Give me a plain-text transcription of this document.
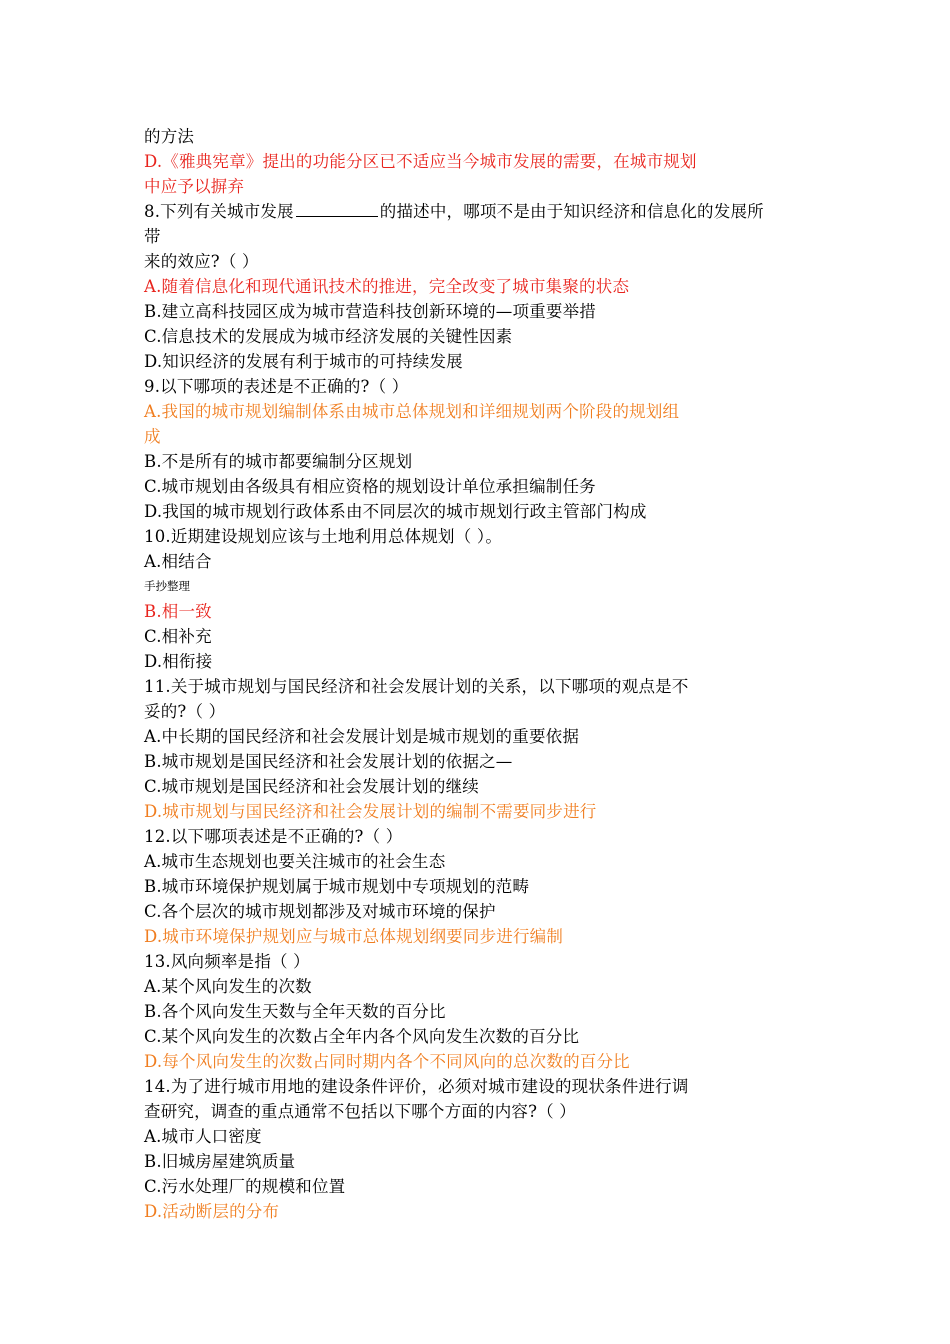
的方法
D.《雅典宪章》提出的功能分区已不适应当今城市发展的需要，在城市规划
中应予以摒弃
8.下列有关城市发展	的描述中，哪项不是由于知识经济和信息化的发展所
带
来的效应?（ ）
A.随着信息化和现代通讯技术的推进，完全改变了城市集聚的状态
B.建立高科技园区成为城市营造科技创新环境的—项重要举措
C.信息技术的发展成为城市经济发展的关键性因素
D.知识经济的发展有利于城市的可持续发展
9.以下哪项的表述是不正确的?（ ）
A.我国的城市规划编制体系由城市总体规划和详细规划两个阶段的规划组
成
B.不是所有的城市都要编制分区规划
C.城市规划由各级具有相应资格的规划设计单位承担编制任务
D.我国的城市规划行政体系由不同层次的城市规划行政主管部门构成
10.近期建设规划应该与土地利用总体规划（ ）。
A.相结合
手抄整理
B.相一致
C.相补充
D.相衔接
11.关于城市规划与国民经济和社会发展计划的关系，以下哪项的观点是不
妥的?（ ）
A.中长期的国民经济和社会发展计划是城市规划的重要依据
B.城市规划是国民经济和社会发展计划的依据之—
C.城市规划是国民经济和社会发展计划的继续
D.城市规划与国民经济和社会发展计划的编制不需要同步进行
12.以下哪项表述是不正确的?（ ）
A.城市生态规划也要关注城市的社会生态
B.城市环境保护规划属于城市规划中专项规划的范畴
C.各个层次的城市规划都涉及对城市环境的保护
D.城市环境保护规划应与城市总体规划纲要同步进行编制
13.风向频率是指（ ）
A.某个风向发生的次数
B.各个风向发生天数与全年天数的百分比
C.某个风向发生的次数占全年内各个风向发生次数的百分比
D.每个风向发生的次数占同时期内各个不同风向的总次数的百分比
14.为了进行城市用地的建设条件评价，必须对城市建设的现状条件进行调
查研究，调查的重点通常不包括以下哪个方面的内容?（ ）
A.城市人口密度
B.旧城房屋建筑质量
C.污水处理厂的规模和位置
D.活动断层的分布
